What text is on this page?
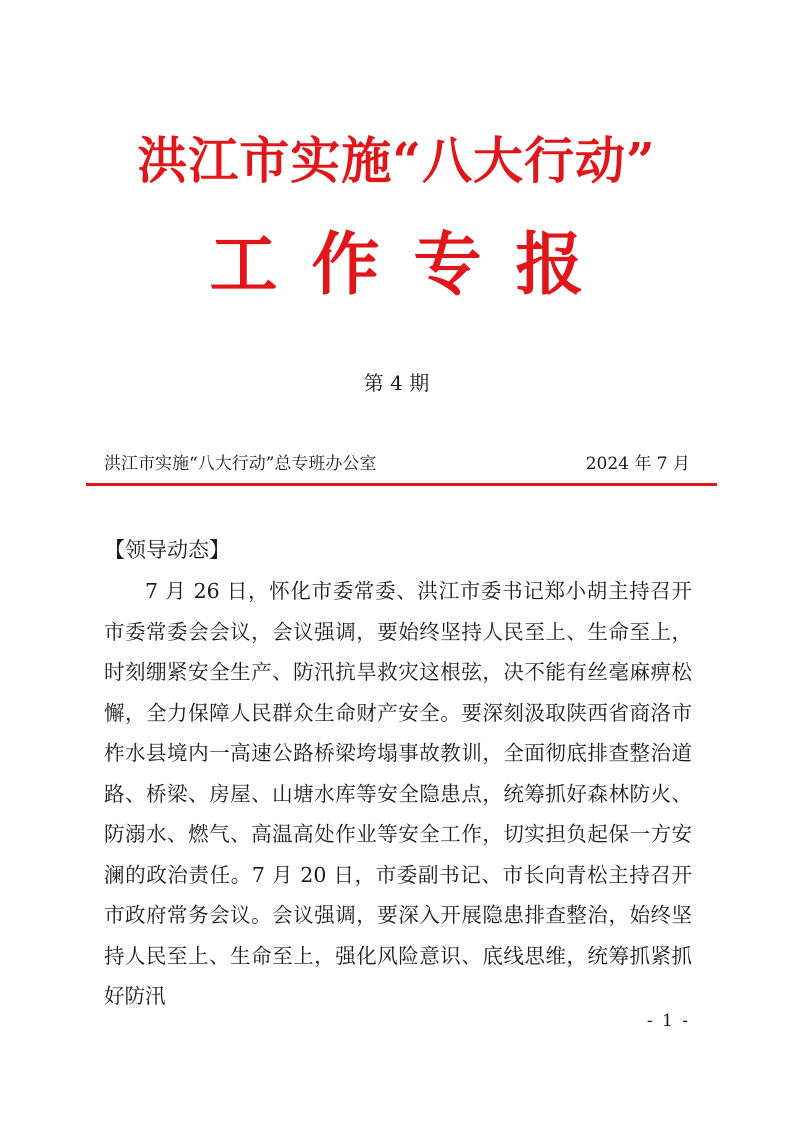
洪江市实施“八大行动”
工作专报
第 4 期
洪江市实施“八大行动”总专班办公室	2024 年 7 月
【领导动态】

7 月 26 日，怀化市委常委、洪江市委书记郑小胡主持召开市委常委会会议，会议强调，要始终坚持人民至上、生命至上，时刻绷紧安全生产、防汛抗旱救灾这根弦，决不能有丝毫麻痹松懈，全力保障人民群众生命财产安全。要深刻汲取陕西省商洛市柞水县境内一高速公路桥梁垮塌事故教训，全面彻底排查整治道路、桥梁、房屋、山塘水库等安全隐患点，统筹抓好森林防火、防溺水、燃气、高温高处作业等安全工作，切实担负起保一方安澜的政治责任。7 月 20 日，市委副书记、市长向青松主持召开市政府常务会议。会议强调，要深入开展隐患排查整治，始终坚持人民至上、生命至上，强化风险意识、底线思维，统筹抓紧抓好防汛

- 1 -
